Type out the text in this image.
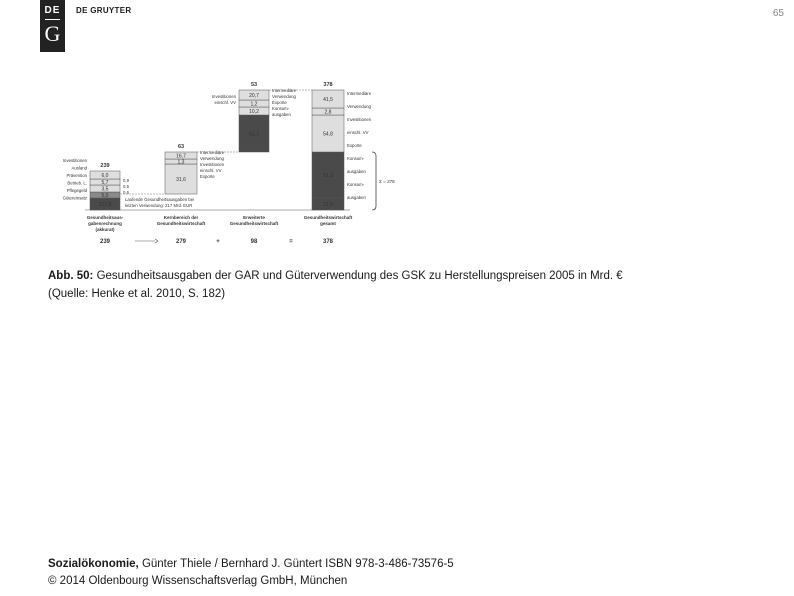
DE
G
DE GRUYTER	65
217,9
5,0
3,5
5,7
6,0
239
Investitionen
Ausland
Prävention
Betrieb. L.
Pflegegeld
Gütereinsatz
0,9
0,5
0,6
31,6
1,3
16,7
63
Intermediäre
Verwendung
Investitionen
einschl. VV
Exporte
51,3
10,2
1,2
20,7
53
Investitionen
einschl. VV
Intermediäre
Verwendung
Exporte
Konsum-
ausgaben
21,9
51,3
54,8
2,8
41,5
378
Intermediäre
Verwendung
Investitionen
einschl. VV
Exporte
Konsum-
ausgaben
Konsum-
ausgaben
Σ = 278
Laufende Gesundheitsausgaben bei
letzten Verwendung: 217 Mrd. EUR
Gesundheitsaus-
gabenrechnung
(akkurat)
Kernbereich der
Gesundheitswirtschaft
Erweiterte
Gesundheitswirtschaft
Gesundheitswirtschaft
gesamt
239	279	+	98	=	378
Abb. 50: Gesundheitsausgaben der GAR und Güterverwendung des GSK zu Herstellungspreisen 2005 in Mrd. €
(Quelle: Henke et al. 2010, S. 182)
Sozialökonomie, Günter Thiele / Bernhard J. Güntert ISBN 978-3-486-73576-5
© 2014 Oldenbourg Wissenschaftsverlag GmbH, München
